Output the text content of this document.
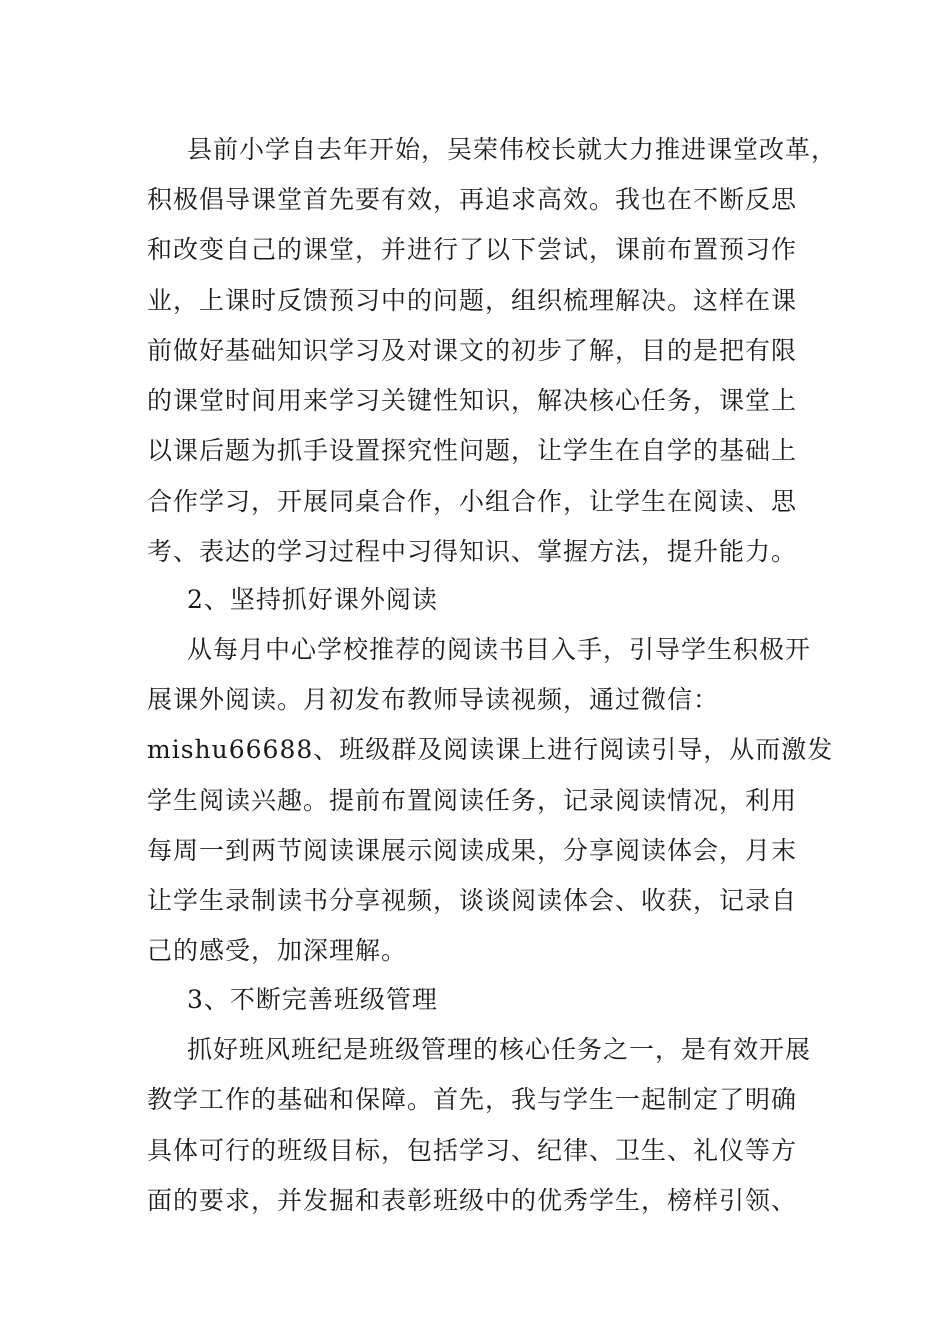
县前小学自去年开始，吴荣伟校长就大力推进课堂改革，
积极倡导课堂首先要有效，再追求高效。我也在不断反思
和改变自己的课堂，并进行了以下尝试，课前布置预习作
业，上课时反馈预习中的问题，组织梳理解决。这样在课
前做好基础知识学习及对课文的初步了解，目的是把有限
的课堂时间用来学习关键性知识，解决核心任务，课堂上
以课后题为抓手设置探究性问题，让学生在自学的基础上
合作学习，开展同桌合作，小组合作，让学生在阅读、思
考、表达的学习过程中习得知识、掌握方法，提升能力。
2、坚持抓好课外阅读
从每月中心学校推荐的阅读书目入手，引导学生积极开
展课外阅读。月初发布教师导读视频，通过微信：
mishu66688、班级群及阅读课上进行阅读引导，从而激发
学生阅读兴趣。提前布置阅读任务，记录阅读情况，利用
每周一到两节阅读课展示阅读成果，分享阅读体会，月末
让学生录制读书分享视频，谈谈阅读体会、收获，记录自
己的感受，加深理解。
3、不断完善班级管理
抓好班风班纪是班级管理的核心任务之一，是有效开展
教学工作的基础和保障。首先，我与学生一起制定了明确
具体可行的班级目标，包括学习、纪律、卫生、礼仪等方
面的要求，并发掘和表彰班级中的优秀学生，榜样引领、
